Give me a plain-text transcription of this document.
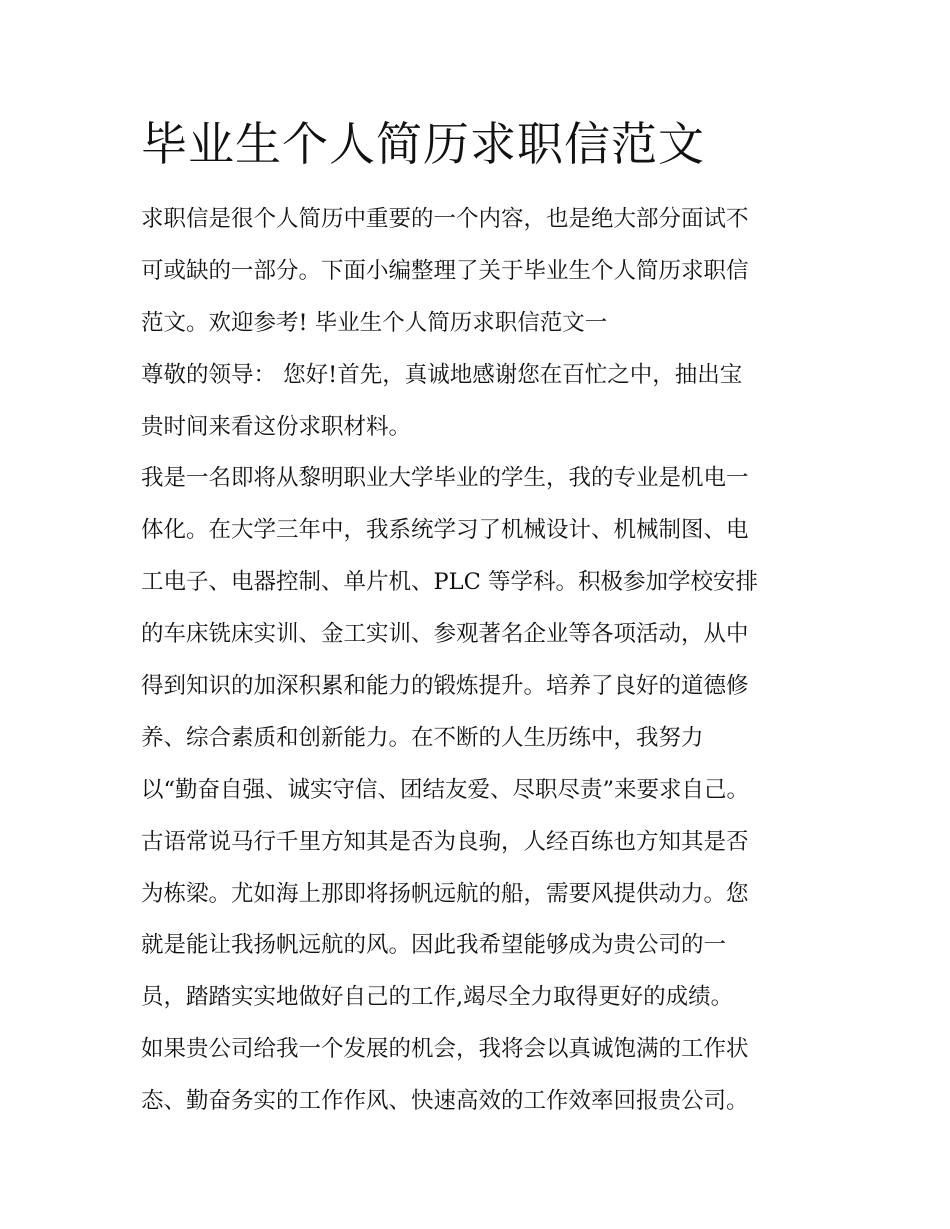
毕业生个人简历求职信范文
求职信是很个人简历中重要的一个内容，也是绝大部分面试不
可或缺的一部分。下面小编整理了关于毕业生个人简历求职信
范文。欢迎参考! 毕业生个人简历求职信范文一
尊敬的领导： 您好!首先，真诚地感谢您在百忙之中，抽出宝
贵时间来看这份求职材料。
我是一名即将从黎明职业大学毕业的学生，我的专业是机电一
体化。在大学三年中，我系统学习了机械设计、机械制图、电
工电子、电器控制、单片机、PLC 等学科。积极参加学校安排
的车床铣床实训、金工实训、参观著名企业等各项活动，从中
得到知识的加深积累和能力的锻炼提升。培养了良好的道德修
养、综合素质和创新能力。在不断的人生历练中，我努力
以“勤奋自强、诚实守信、团结友爱、尽职尽责”来要求自己。
古语常说马行千里方知其是否为良驹，人经百练也方知其是否
为栋梁。尤如海上那即将扬帆远航的船，需要风提供动力。您
就是能让我扬帆远航的风。因此我希望能够成为贵公司的一
员，踏踏实实地做好自己的工作,竭尽全力取得更好的成绩。
如果贵公司给我一个发展的机会，我将会以真诚饱满的工作状
态、勤奋务实的工作作风、快速高效的工作效率回报贵公司。
